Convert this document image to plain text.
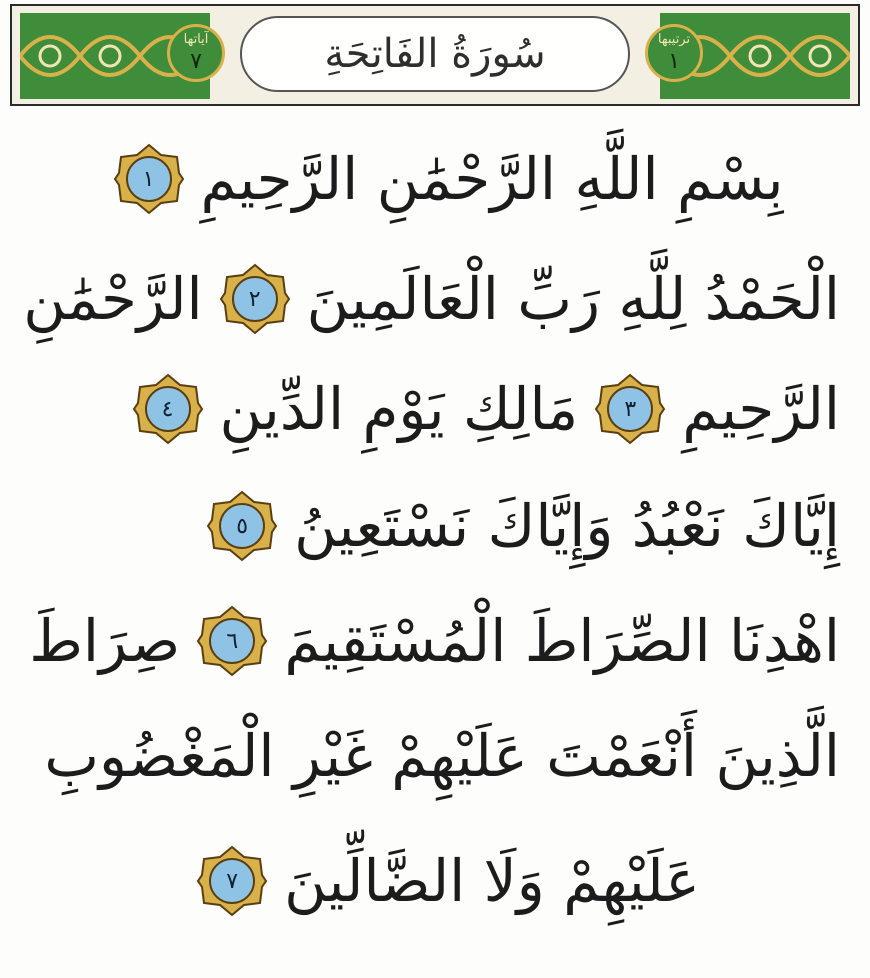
آياتها
٧
ترتيبها
١
سُورَةُ الفَاتِحَةِ
بِسْمِ اللَّهِ الرَّحْمَٰنِ الرَّحِيمِ
١
الْحَمْدُ لِلَّهِ رَبِّ الْعَالَمِينَ
٢
الرَّحْمَٰنِ
الرَّحِيمِ
٣
مَالِكِ يَوْمِ الدِّينِ
٤
إِيَّاكَ نَعْبُدُ وَإِيَّاكَ نَسْتَعِينُ
٥
اهْدِنَا الصِّرَاطَ الْمُسْتَقِيمَ
٦
صِرَاطَ
الَّذِينَ أَنْعَمْتَ عَلَيْهِمْ غَيْرِ الْمَغْضُوبِ
عَلَيْهِمْ وَلَا الضَّالِّينَ
٧
